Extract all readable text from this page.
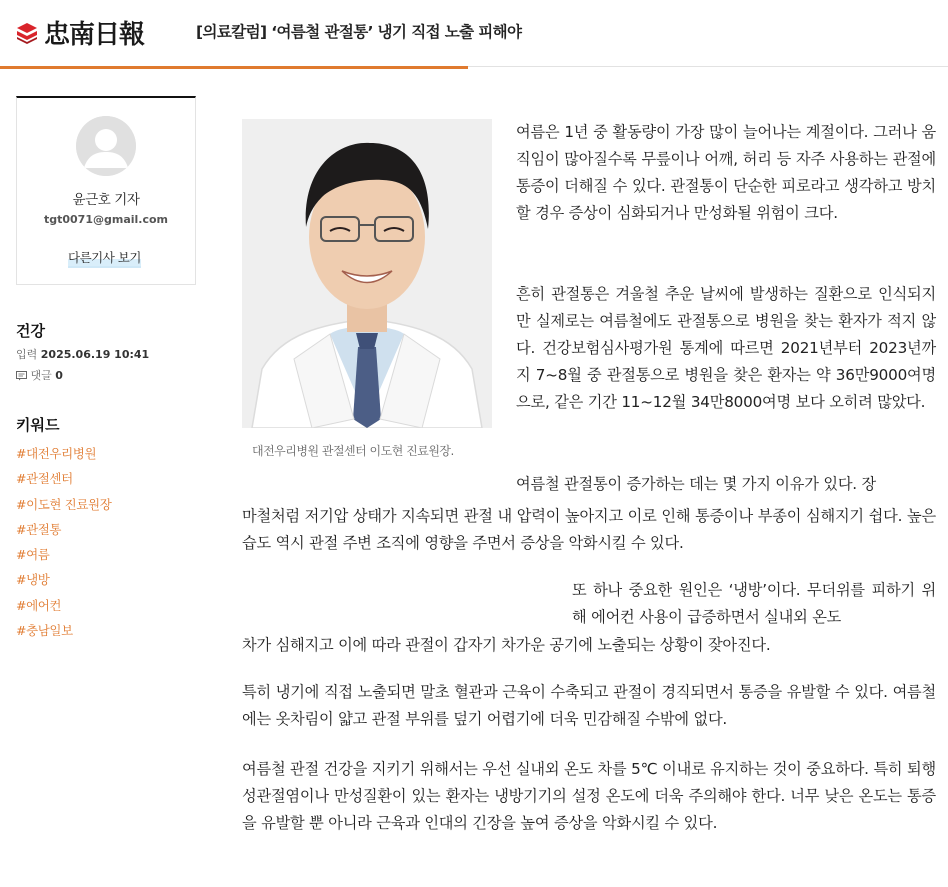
忠南日報	[의료칼럼] ‘여름철 관절통’ 냉기 직접 노출 피해야
윤근호 기자
tgt0071@gmail.com
다른기사 보기
건강
입력 2025.06.19 10:41
댓글 0
키워드
#대전우리병원
#관절센터
#이도현 진료원장
#관절통
#여름
#냉방
#에어컨
#충남일보
대전우리병원 관절센터 이도현 진료원장.

여름은 1년 중 활동량이 가장 많이 늘어나는 계절이다. 그러나 움직임이 많아질수록 무릎이나 어깨, 허리 등 자주 사용하는 관절에 통증이 더해질 수 있다. 관절통이 단순한 피로라고 생각하고 방치할 경우 증상이 심화되거나 만성화될 위험이 크다.

흔히 관절통은 겨울철 추운 날씨에 발생하는 질환으로 인식되지만 실제로는 여름철에도 관절통으로 병원을 찾는 환자가 적지 않다. 건강보험심사평가원 통계에 따르면 2021년부터 2023년까지 7~8월 중 관절통으로 병원을 찾은 환자는 약 36만9000여명으로, 같은 기간 11~12월 34만8000여명 보다 오히려 많았다.

여름철 관절통이 증가하는 데는 몇 가지 이유가 있다. 장

마철처럼 저기압 상태가 지속되면 관절 내 압력이 높아지고 이로 인해 통증이나 부종이 심해지기 쉽다. 높은 습도 역시 관절 주변 조직에 영향을 주면서 증상을 악화시킬 수 있다.

또 하나 중요한 원인은 ‘냉방’이다. 무더위를 피하기 위해 에어컨 사용이 급증하면서 실내외 온도

차가 심해지고 이에 따라 관절이 갑자기 차가운 공기에 노출되는 상황이 잦아진다.

특히 냉기에 직접 노출되면 말초 혈관과 근육이 수축되고 관절이 경직되면서 통증을 유발할 수 있다. 여름철에는 옷차림이 얇고 관절 부위를 덮기 어렵기에 더욱 민감해질 수밖에 없다.

여름철 관절 건강을 지키기 위해서는 우선 실내외 온도 차를 5℃ 이내로 유지하는 것이 중요하다. 특히 퇴행성관절염이나 만성질환이 있는 환자는 냉방기기의 설정 온도에 더욱 주의해야 한다. 너무 낮은 온도는 통증을 유발할 뿐 아니라 근육과 인대의 긴장을 높여 증상을 악화시킬 수 있다.
